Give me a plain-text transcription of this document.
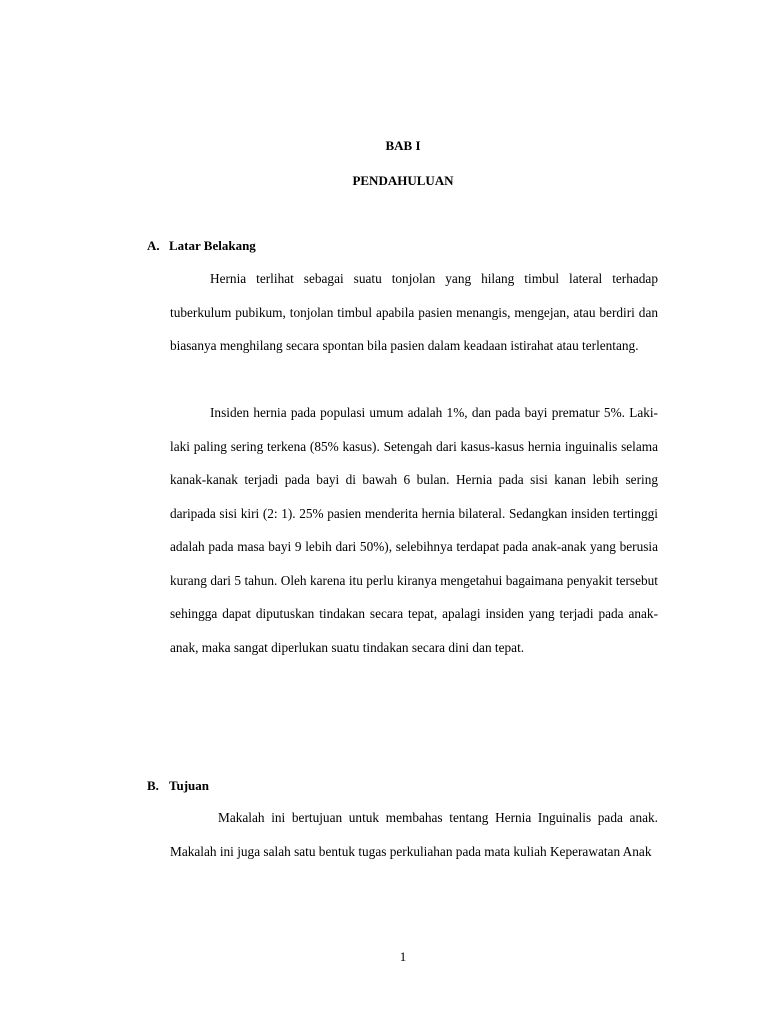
BAB I

PENDAHULUAN

A. Latar Belakang

Hernia terlihat sebagai suatu tonjolan yang hilang timbul lateral terhadap tuberkulum pubikum, tonjolan timbul apabila pasien menangis, mengejan, atau berdiri dan biasanya menghilang secara spontan bila pasien dalam keadaan istirahat atau terlentang.

Insiden hernia pada populasi umum adalah 1%, dan pada bayi prematur 5%. Laki-laki paling sering terkena (85% kasus). Setengah dari kasus-kasus hernia inguinalis selama kanak-kanak terjadi pada bayi di bawah 6 bulan. Hernia pada sisi kanan lebih sering daripada sisi kiri (2: 1). 25% pasien menderita hernia bilateral. Sedangkan insiden tertinggi adalah pada masa bayi 9 lebih dari 50%), selebihnya terdapat pada anak-anak yang berusia kurang dari 5 tahun. Oleh karena itu perlu kiranya mengetahui bagaimana penyakit tersebut sehingga dapat diputuskan tindakan secara tepat, apalagi insiden yang terjadi pada anak-anak, maka sangat diperlukan suatu tindakan secara dini dan tepat.

B. Tujuan

Makalah ini bertujuan untuk membahas tentang Hernia Inguinalis pada anak. Makalah ini juga salah satu bentuk tugas perkuliahan pada mata kuliah Keperawatan Anak

1
